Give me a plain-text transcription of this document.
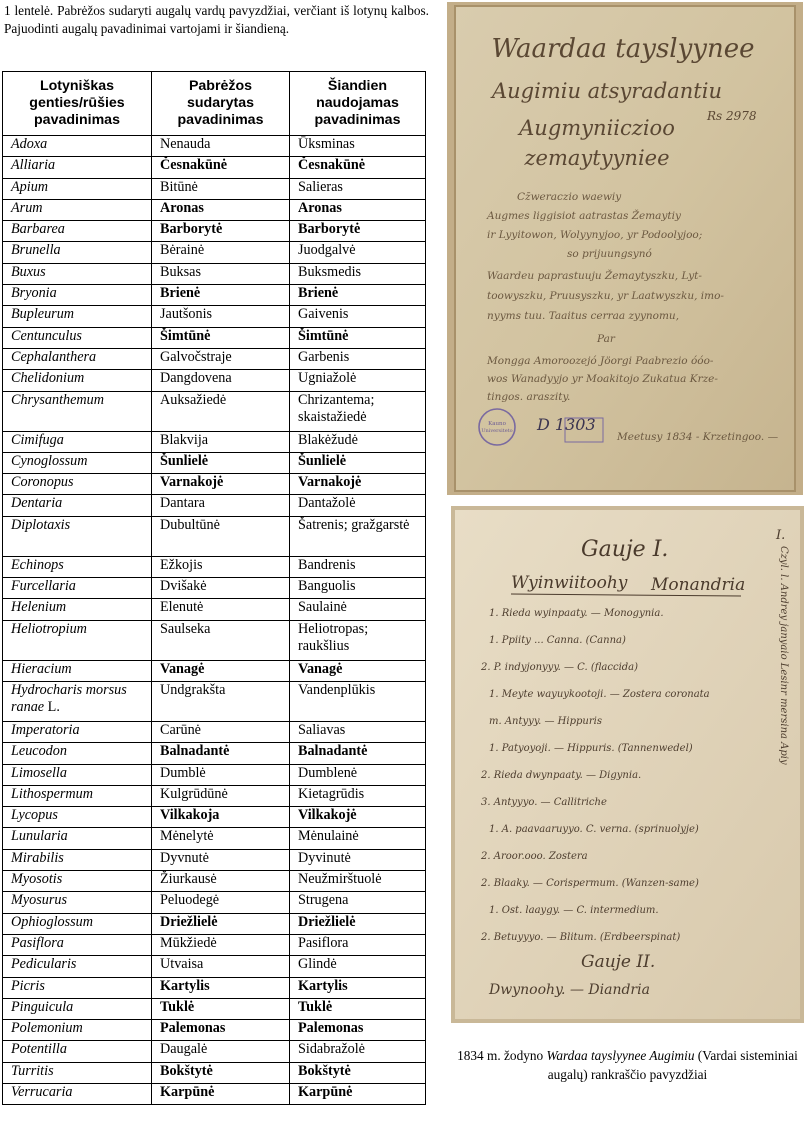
1 lentelė. Pabrėžos sudaryti augalų vardų pavyzdžiai, verčiant iš lotynų kalbos. Pajuodinti augalų pavadinimai vartojami ir šiandieną.
Lotyniškas genties/rūšies pavadinimas	Pabrėžos sudarytas pavadinimas	Šiandien naudojamas pavadinimas
Adoxa	Nenauda	Ūksminas
Alliaria	Česnakūnė	Česnakūnė
Apium	Bitūnė	Salieras
Arum	Aronas	Aronas
Barbarea	Barborytė	Barborytė
Brunella	Bėrainė	Juodgalvė
Buxus	Buksas	Buksmedis
Bryonia	Brienė	Brienė
Bupleurum	Jautšonis	Gaivenis
Centunculus	Šimtūnė	Šimtūnė
Cephalanthera	Galvočstraje	Garbenis
Chelidonium	Dangdovena	Ugniažolė
Chrysanthemum	Auksažiedė	Chrizantema; skaistažiedė
Cimifuga	Blakvija	Blakėžudė
Cynoglossum	Šunlielė	Šunlielė
Coronopus	Varnakojė	Varnakojė
Dentaria	Dantara	Dantažolė
Diplotaxis	Dubultūnė	Šatrenis; gražgarstė
Echinops	Ežkojis	Bandrenis
Furcellaria	Dvišakė	Banguolis
Helenium	Elenutė	Saulainė
Heliotropium	Saulseka	Heliotropas; raukšlius
Hieracium	Vanagė	Vanagė
Hydrocharis morsus ranae L.	Undgrakšta	Vandenplūkis
Imperatoria	Carūnė	Saliavas
Leucodon	Balnadantė	Balnadantė
Limosella	Dumblė	Dumblenė
Lithospermum	Kulgrūdūnė	Kietagrūdis
Lycopus	Vilkakoja	Vilkakojė
Lunularia	Mėnelytė	Mėnulainė
Mirabilis	Dyvnutė	Dyvinutė
Myosotis	Žiurkausė	Neužmirštuolė
Myosurus	Peluodegė	Strugena
Ophioglossum	Driežlielė	Driežlielė
Pasiflora	Mūkžiedė	Pasiflora
Pedicularis	Utvaisa	Glindė
Picris	Kartylis	Kartylis
Pinguicula	Tuklė	Tuklė
Polemonium	Palemonas	Palemonas
Potentilla	Daugalė	Sidabražolė
Turritis	Bokštytė	Bokštytė
Verrucaria	Karpūnė	Karpūnė
Waardaa tayslyynee
Augimiu atsyradantiu
Augmyniiczioo
zemaytyyniee
Rs 2978
Cz̄weraczio waewiy
Augmes liggisiot aatrastas Žemaytiy
ir Lyyitowon, Wolyynyjoo, yr Podoolyjoo;
so prijuungsynó
Waardeu paprastuuju Žemaytyszku, Lyt-
toowyszku, Pruusyszku, yr Laatwyszku, imo-
nyyms tuu. Taaitus cerraa zyynomu,
Par
Mongga Amoroozejó Jöorgi Paabrezio óóo-
wos Wanadyyjo yr Moakitojo Zukatua Krze-
tingos. araszity.
Meetusy 1834 - Krzetingoo. —
Kauno
Universiteto D 1303
I.
Gauje I.
Wyinwiitoohy Monandria
1. Rieda wyinpaaty. — Monogynia.
1. Ppiity ... Canna. (Canna)
2. P. indyjonyyy. — C. (flaccida)
1. Meyte wayuykootoji. — Zostera coronata
m. Antyyy. — Hippuris
1. Patyoyoji. — Hippuris. (Tannenwedel)
2. Rieda dwynpaaty. — Digynia.
3. Antyyyo. — Callitriche
1. A. paavaaruyyo. C. verna. (sprinuolyje)
2. Aroor.ooo. Zostera
2. Blaaky. — Corispermum. (Wanzen-same)
1. Ost. laaygy. — C. intermedium.
2. Betuyyyo. — Blitum. (Erdbeerspinat)
Gauje II.
Dwynoohy. — Diandria
Czyl. l. Andrey janyaio Lesinr mersina Apiy
1834 m. žodyno Wardaa tayslyynee Augimiu (Vardai sisteminiai augalų) rankraščio pavyzdžiai
